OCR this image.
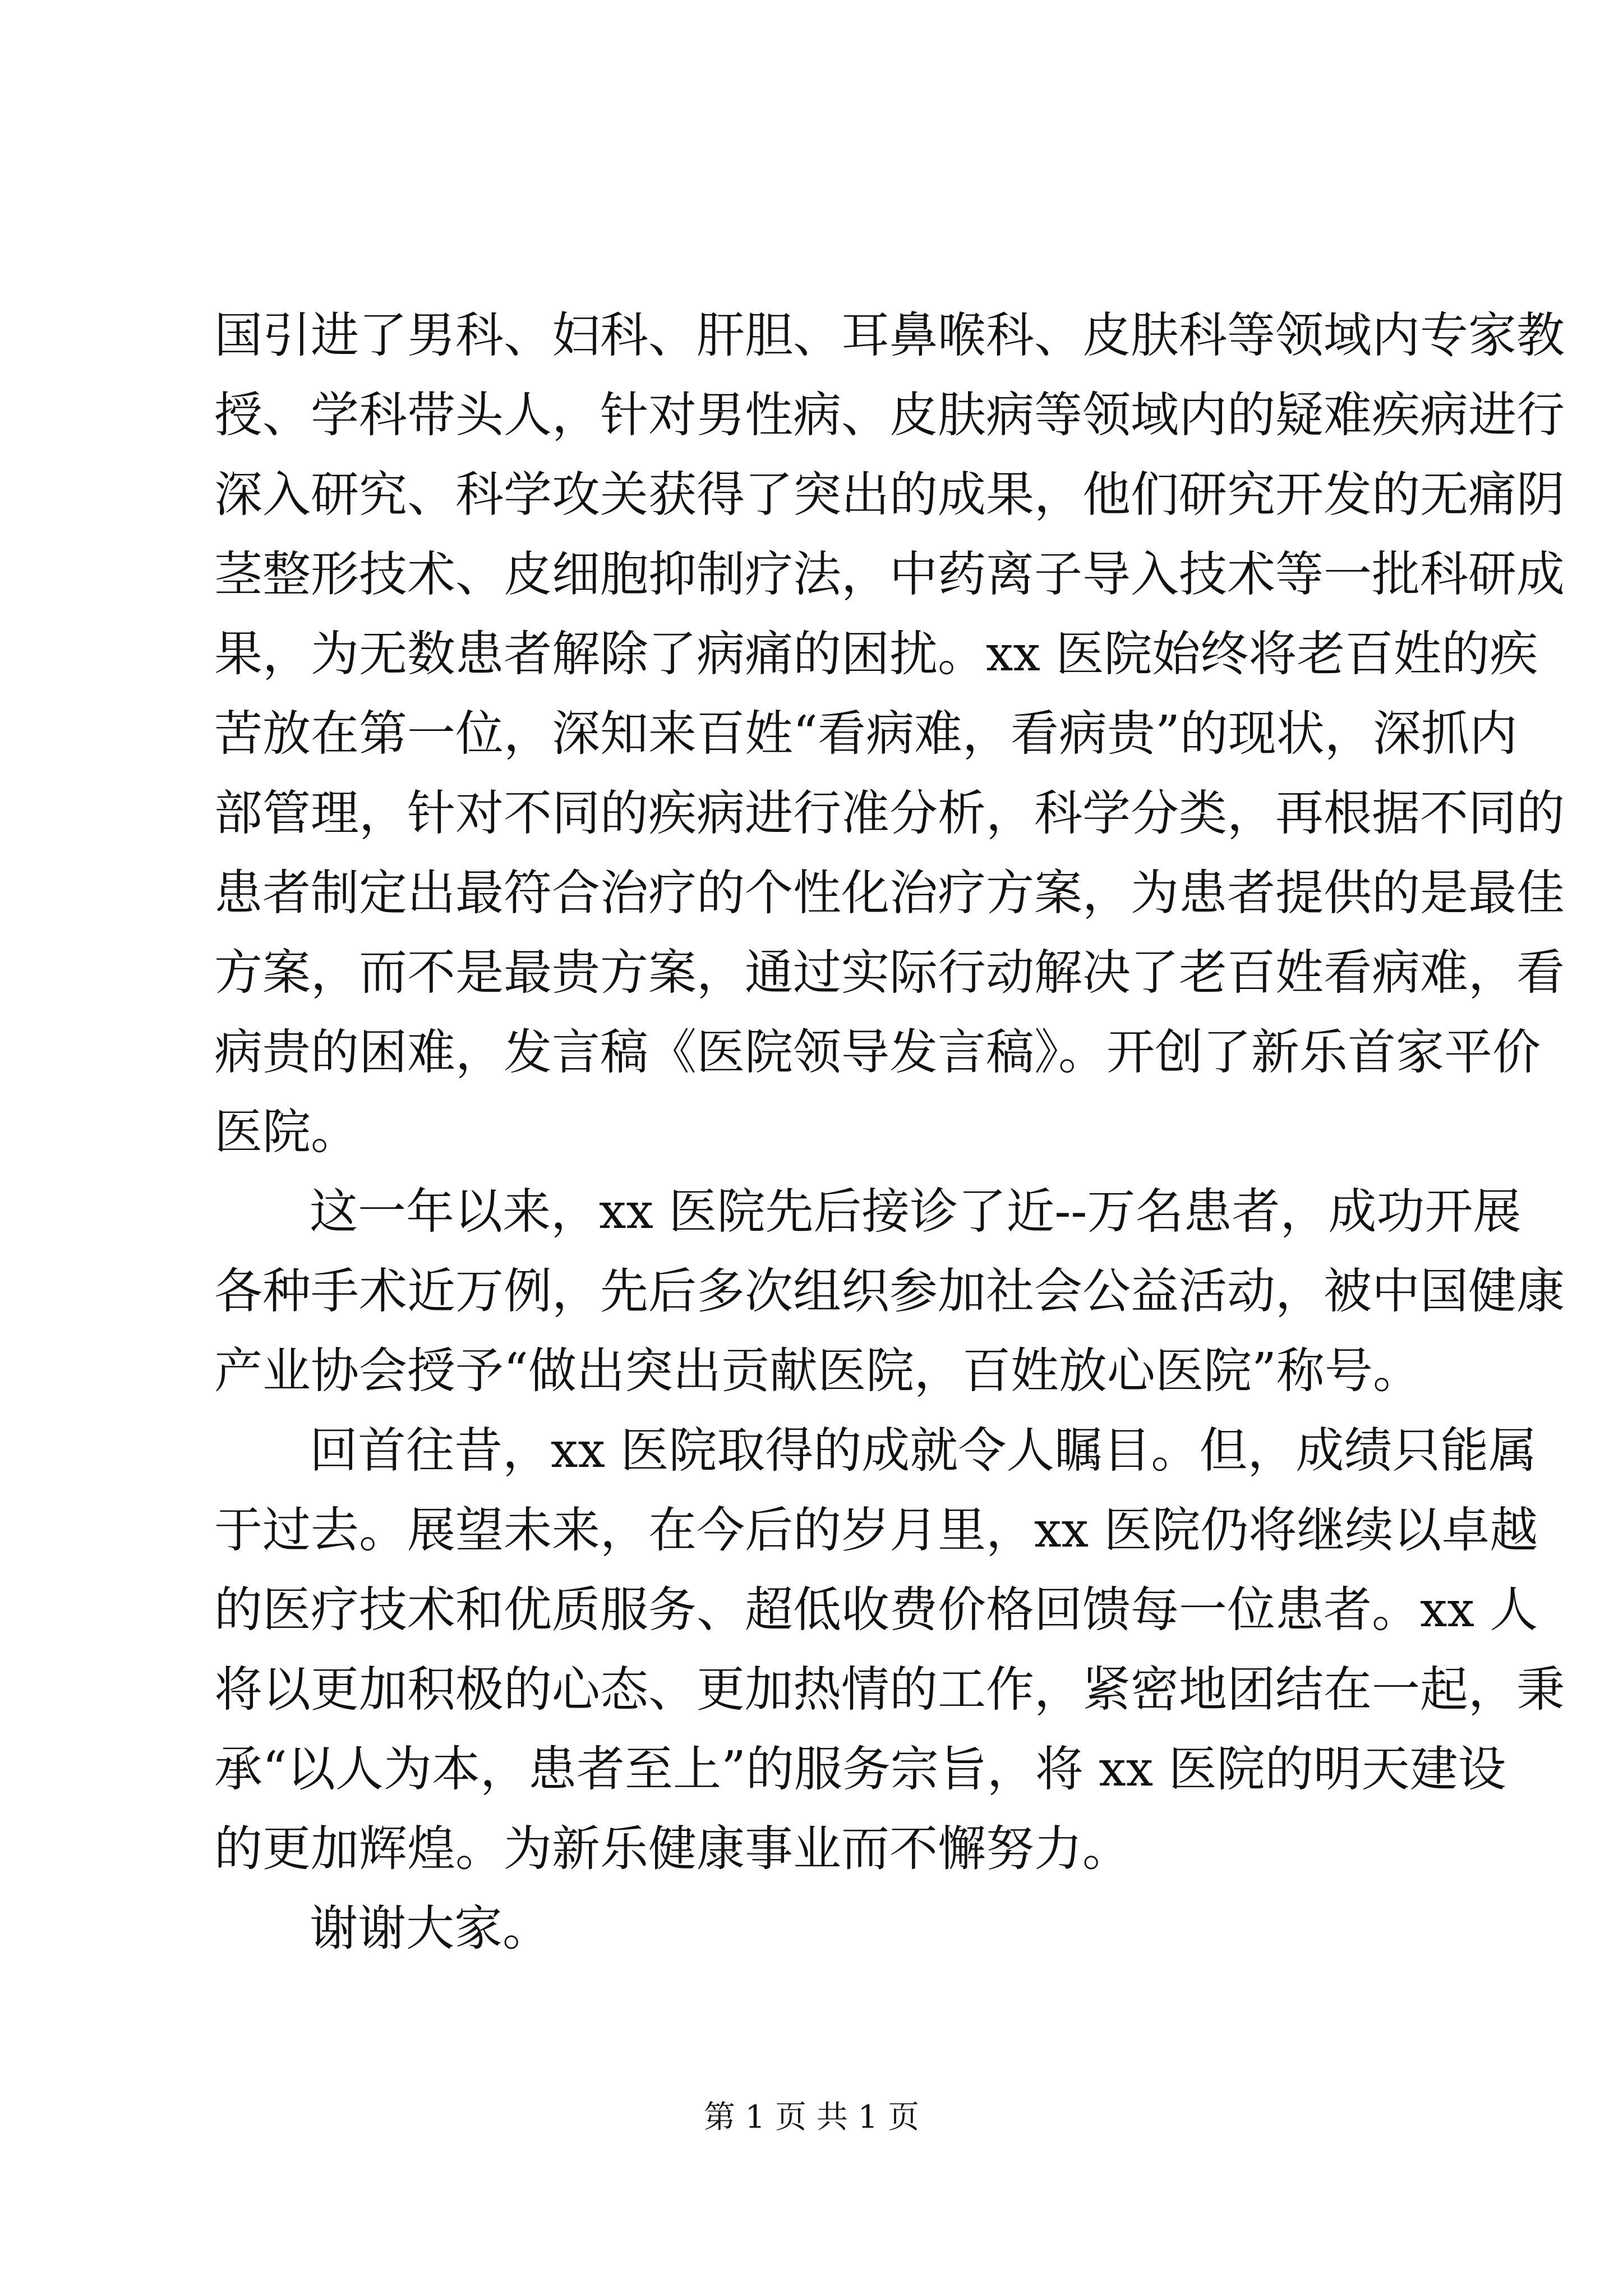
国引进了男科、妇科、肝胆、耳鼻喉科、皮肤科等领域内专家教
授、学科带头人，针对男性病、皮肤病等领域内的疑难疾病进行
深入研究、科学攻关获得了突出的成果，他们研究开发的无痛阴
茎整形技术、皮细胞抑制疗法，中药离子导入技术等一批科研成
果，为无数患者解除了病痛的困扰。xx 医院始终将老百姓的疾
苦放在第一位，深知来百姓“看病难，看病贵”的现状，深抓内
部管理，针对不同的疾病进行准分析，科学分类，再根据不同的
患者制定出最符合治疗的个性化治疗方案，为患者提供的是最佳
方案，而不是最贵方案，通过实际行动解决了老百姓看病难，看
病贵的困难，发言稿《医院领导发言稿》。开创了新乐首家平价
医院。
这一年以来，xx 医院先后接诊了近--万名患者，成功开展
各种手术近万例，先后多次组织参加社会公益活动，被中国健康
产业协会授予“做出突出贡献医院，百姓放心医院”称号。
回首往昔，xx 医院取得的成就令人瞩目。但，成绩只能属
于过去。展望未来，在今后的岁月里，xx 医院仍将继续以卓越
的医疗技术和优质服务、超低收费价格回馈每一位患者。xx 人
将以更加积极的心态、更加热情的工作，紧密地团结在一起，秉
承“以人为本，患者至上”的服务宗旨，将 xx 医院的明天建设
的更加辉煌。为新乐健康事业而不懈努力。
谢谢大家。
第 1 页 共 1 页
